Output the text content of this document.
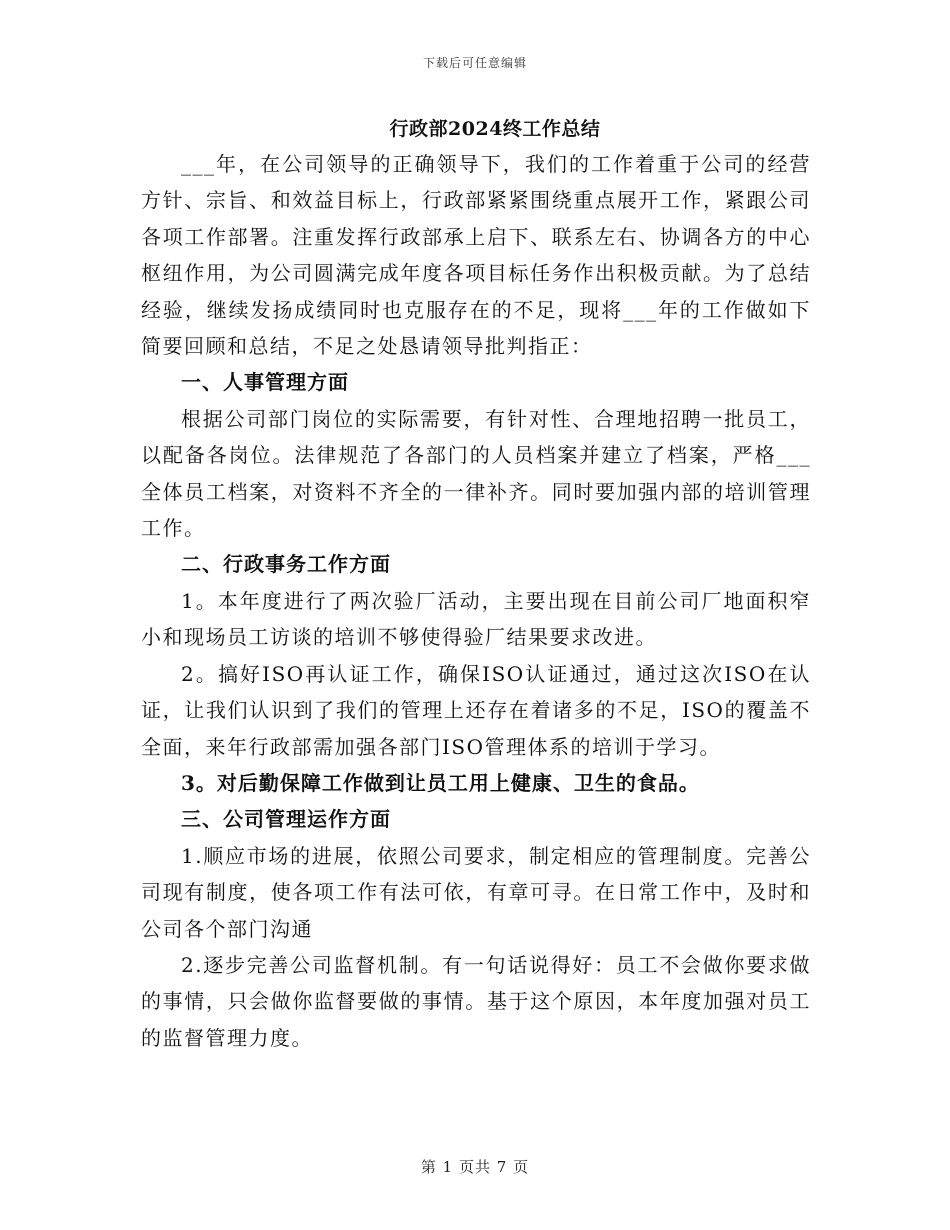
下载后可任意编辑
行政部2024终工作总结

___年，在公司领导的正确领导下，我们的工作着重于公司的经营方针、宗旨、和效益目标上，行政部紧紧围绕重点展开工作，紧跟公司各项工作部署。注重发挥行政部承上启下、联系左右、协调各方的中心枢纽作用，为公司圆满完成年度各项目标任务作出积极贡献。为了总结经验，继续发扬成绩同时也克服存在的不足，现将___年的工作做如下简要回顾和总结，不足之处恳请领导批判指正：

一、人事管理方面

根据公司部门岗位的实际需要，有针对性、合理地招聘一批员工，以配备各岗位。法律规范了各部门的人员档案并建立了档案，严格___全体员工档案，对资料不齐全的一律补齐。同时要加强内部的培训管理工作。

二、行政事务工作方面

1。本年度进行了两次验厂活动，主要出现在目前公司厂地面积窄小和现场员工访谈的培训不够使得验厂结果要求改进。

2。搞好ISO再认证工作，确保ISO认证通过，通过这次ISO在认证，让我们认识到了我们的管理上还存在着诸多的不足，ISO的覆盖不全面，来年行政部需加强各部门ISO管理体系的培训于学习。

3。对后勤保障工作做到让员工用上健康、卫生的食品。

三、公司管理运作方面

1.顺应市场的进展，依照公司要求，制定相应的管理制度。完善公司现有制度，使各项工作有法可依，有章可寻。在日常工作中，及时和公司各个部门沟通

2.逐步完善公司监督机制。有一句话说得好：员工不会做你要求做的事情，只会做你监督要做的事情。基于这个原因，本年度加强对员工的监督管理力度。

第 1 页共 7 页
